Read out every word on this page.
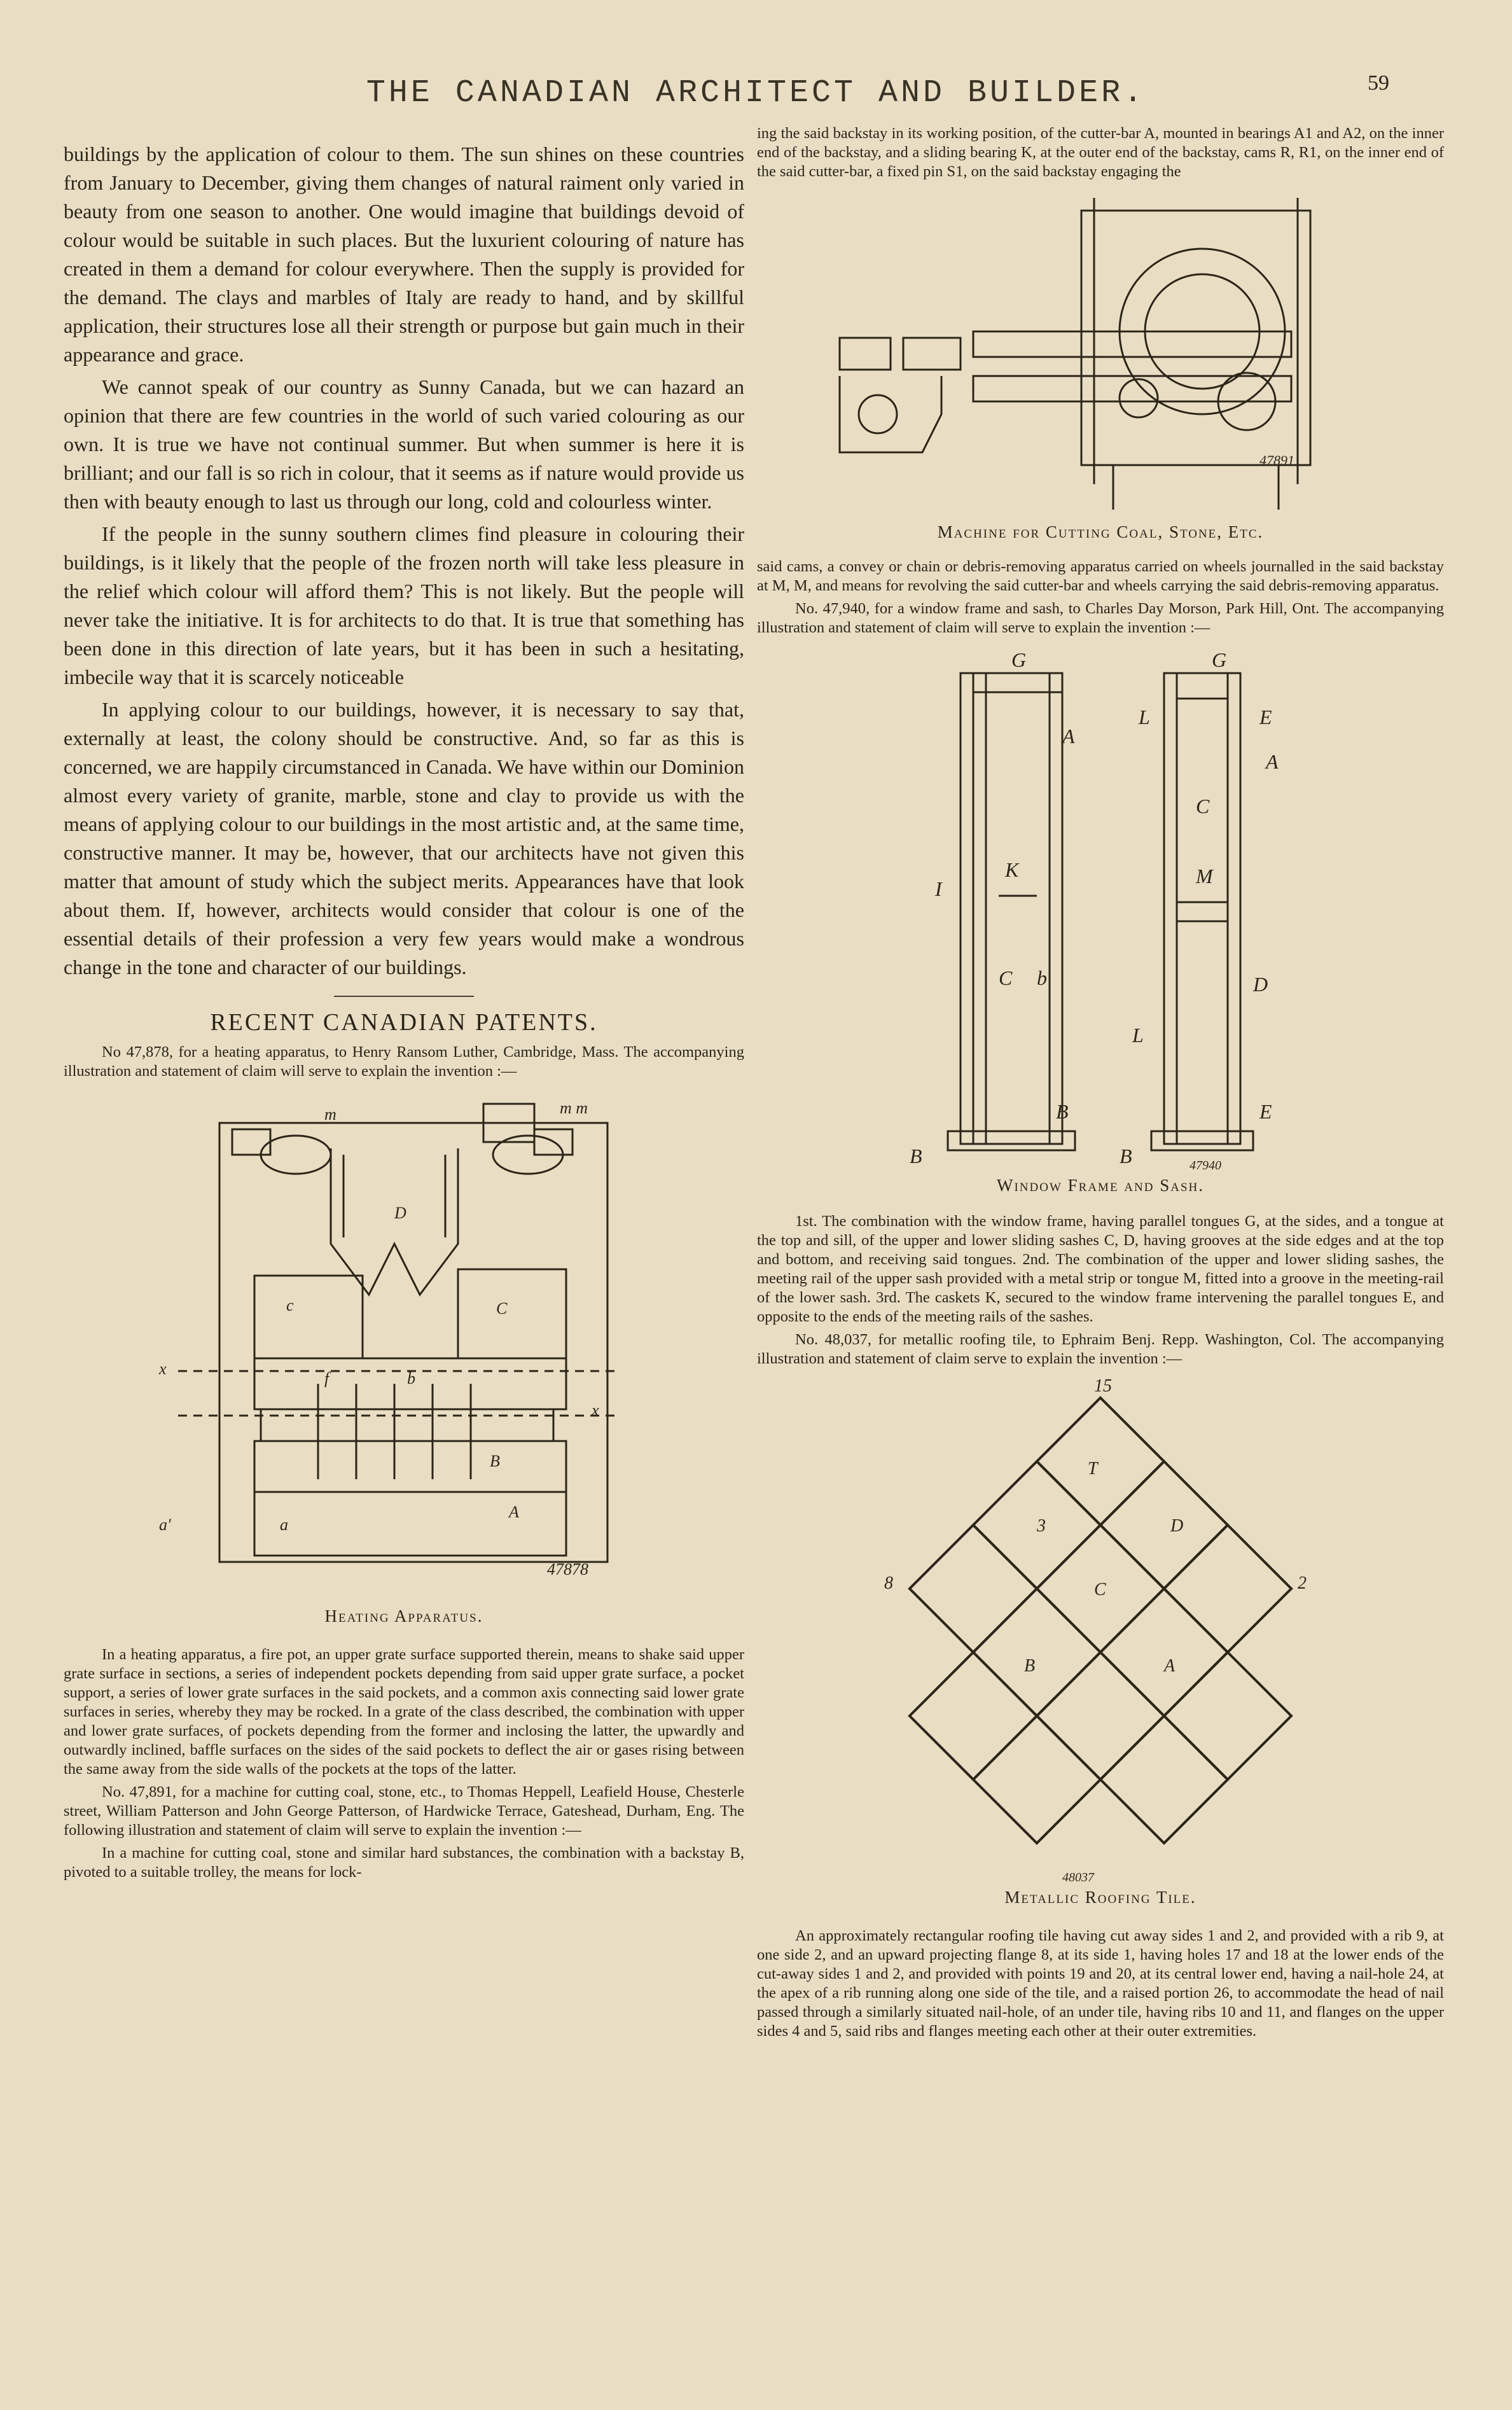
THE CANADIAN ARCHITECT AND BUILDER.	59

buildings by the application of colour to them. The sun shines on these countries from January to December, giving them changes of natural raiment only varied in beauty from one season to another. One would imagine that buildings devoid of colour would be suitable in such places. But the luxurient colouring of nature has created in them a demand for colour everywhere. Then the supply is provided for the demand. The clays and marbles of Italy are ready to hand, and by skillful application, their structures lose all their strength or purpose but gain much in their appearance and grace.

We cannot speak of our country as Sunny Canada, but we can hazard an opinion that there are few countries in the world of such varied colouring as our own. It is true we have not continual summer. But when summer is here it is brilliant; and our fall is so rich in colour, that it seems as if nature would provide us then with beauty enough to last us through our long, cold and colourless winter.

If the people in the sunny southern climes find pleasure in colouring their buildings, is it likely that the people of the frozen north will take less pleasure in the relief which colour will afford them? This is not likely. But the people will never take the initiative. It is for architects to do that. It is true that something has been done in this direction of late years, but it has been in such a hesitating, imbecile way that it is scarcely noticeable

In applying colour to our buildings, however, it is necessary to say that, externally at least, the colony should be constructive. And, so far as this is concerned, we are happily circumstanced in Canada. We have within our Dominion almost every variety of granite, marble, stone and clay to provide us with the means of applying colour to our buildings in the most artistic and, at the same time, constructive manner. It may be, however, that our architects have not given this matter that amount of study which the subject merits. Appearances have that look about them. If, however, architects would consider that colour is one of the essential details of their profession a very few years would make a wondrous change in the tone and character of our buildings.

RECENT CANADIAN PATENTS.

No 47,878, for a heating apparatus, to Henry Ransom Luther, Cambridge, Mass. The accompanying illustration and statement of claim will serve to explain the invention :—

m	m m
D
c	C
x
f	b
B
a
A
a'
x
47878
Heating Apparatus.

In a heating apparatus, a fire pot, an upper grate surface supported therein, means to shake said upper grate surface in sections, a series of independent pockets depending from said upper grate surface, a pocket support, a series of lower grate surfaces in the said pockets, and a common axis connecting said lower grate surfaces in series, whereby they may be rocked. In a grate of the class described, the combination with upper and lower grate surfaces, of pockets depending from the former and inclosing the latter, the upwardly and outwardly inclined, baffle surfaces on the sides of the said pockets to deflect the air or gases rising between the same away from the side walls of the pockets at the tops of the latter.

No. 47,891, for a machine for cutting coal, stone, etc., to Thomas Heppell, Leafield House, Chesterle street, William Patterson and John George Patterson, of Hardwicke Terrace, Gateshead, Durham, Eng. The following illustration and statement of claim will serve to explain the invention :—

In a machine for cutting coal, stone and similar hard substances, the combination with a backstay B, pivoted to a suitable trolley, the means for lock-

ing the said backstay in its working position, of the cutter-bar A, mounted in bearings A1 and A2, on the inner end of the backstay, and a sliding bearing K, at the outer end of the backstay, cams R, R1, on the inner end of the said cutter-bar, a fixed pin S1, on the said backstay engaging the

47891
Machine for Cutting Coal, Stone, Etc.

said cams, a convey or chain or debris-removing apparatus carried on wheels journalled in the said backstay at M, M, and means for revolving the said cutter-bar and wheels carrying the said debris-removing apparatus.

No. 47,940, for a window frame and sash, to Charles Day Morson, Park Hill, Ont. The accompanying illustration and statement of claim will serve to explain the invention :—

G	G
A
L	E
A
I
K
C
M
C b	D
L
B	E
B	B	47940
Window Frame and Sash.

1st. The combination with the window frame, having parallel tongues G, at the sides, and a tongue at the top and sill, of the upper and lower sliding sashes C, D, having grooves at the side edges and at the top and bottom, and receiving said tongues. 2nd. The combination of the upper and lower sliding sashes, the meeting rail of the upper sash provided with a metal strip or tongue M, fitted into a groove in the meeting-rail of the lower sash. 3rd. The caskets K, secured to the window frame intervening the parallel tongues E, and opposite to the ends of the meeting rails of the sashes.

No. 48,037, for metallic roofing tile, to Ephraim Benj. Repp. Washington, Col. The accompanying illustration and statement of claim serve to explain the invention :—

T
3	D
C
B	A
15
2
8
48037
Metallic Roofing Tile.

An approximately rectangular roofing tile having cut away sides 1 and 2, and provided with a rib 9, at one side 2, and an upward projecting flange 8, at its side 1, having holes 17 and 18 at the lower ends of the cut-away sides 1 and 2, and provided with points 19 and 20, at its central lower end, having a nail-hole 24, at the apex of a rib running along one side of the tile, and a raised portion 26, to accommodate the head of nail passed through a similarly situated nail-hole, of an under tile, having ribs 10 and 11, and flanges on the upper sides 4 and 5, said ribs and flanges meeting each other at their outer extremities.
